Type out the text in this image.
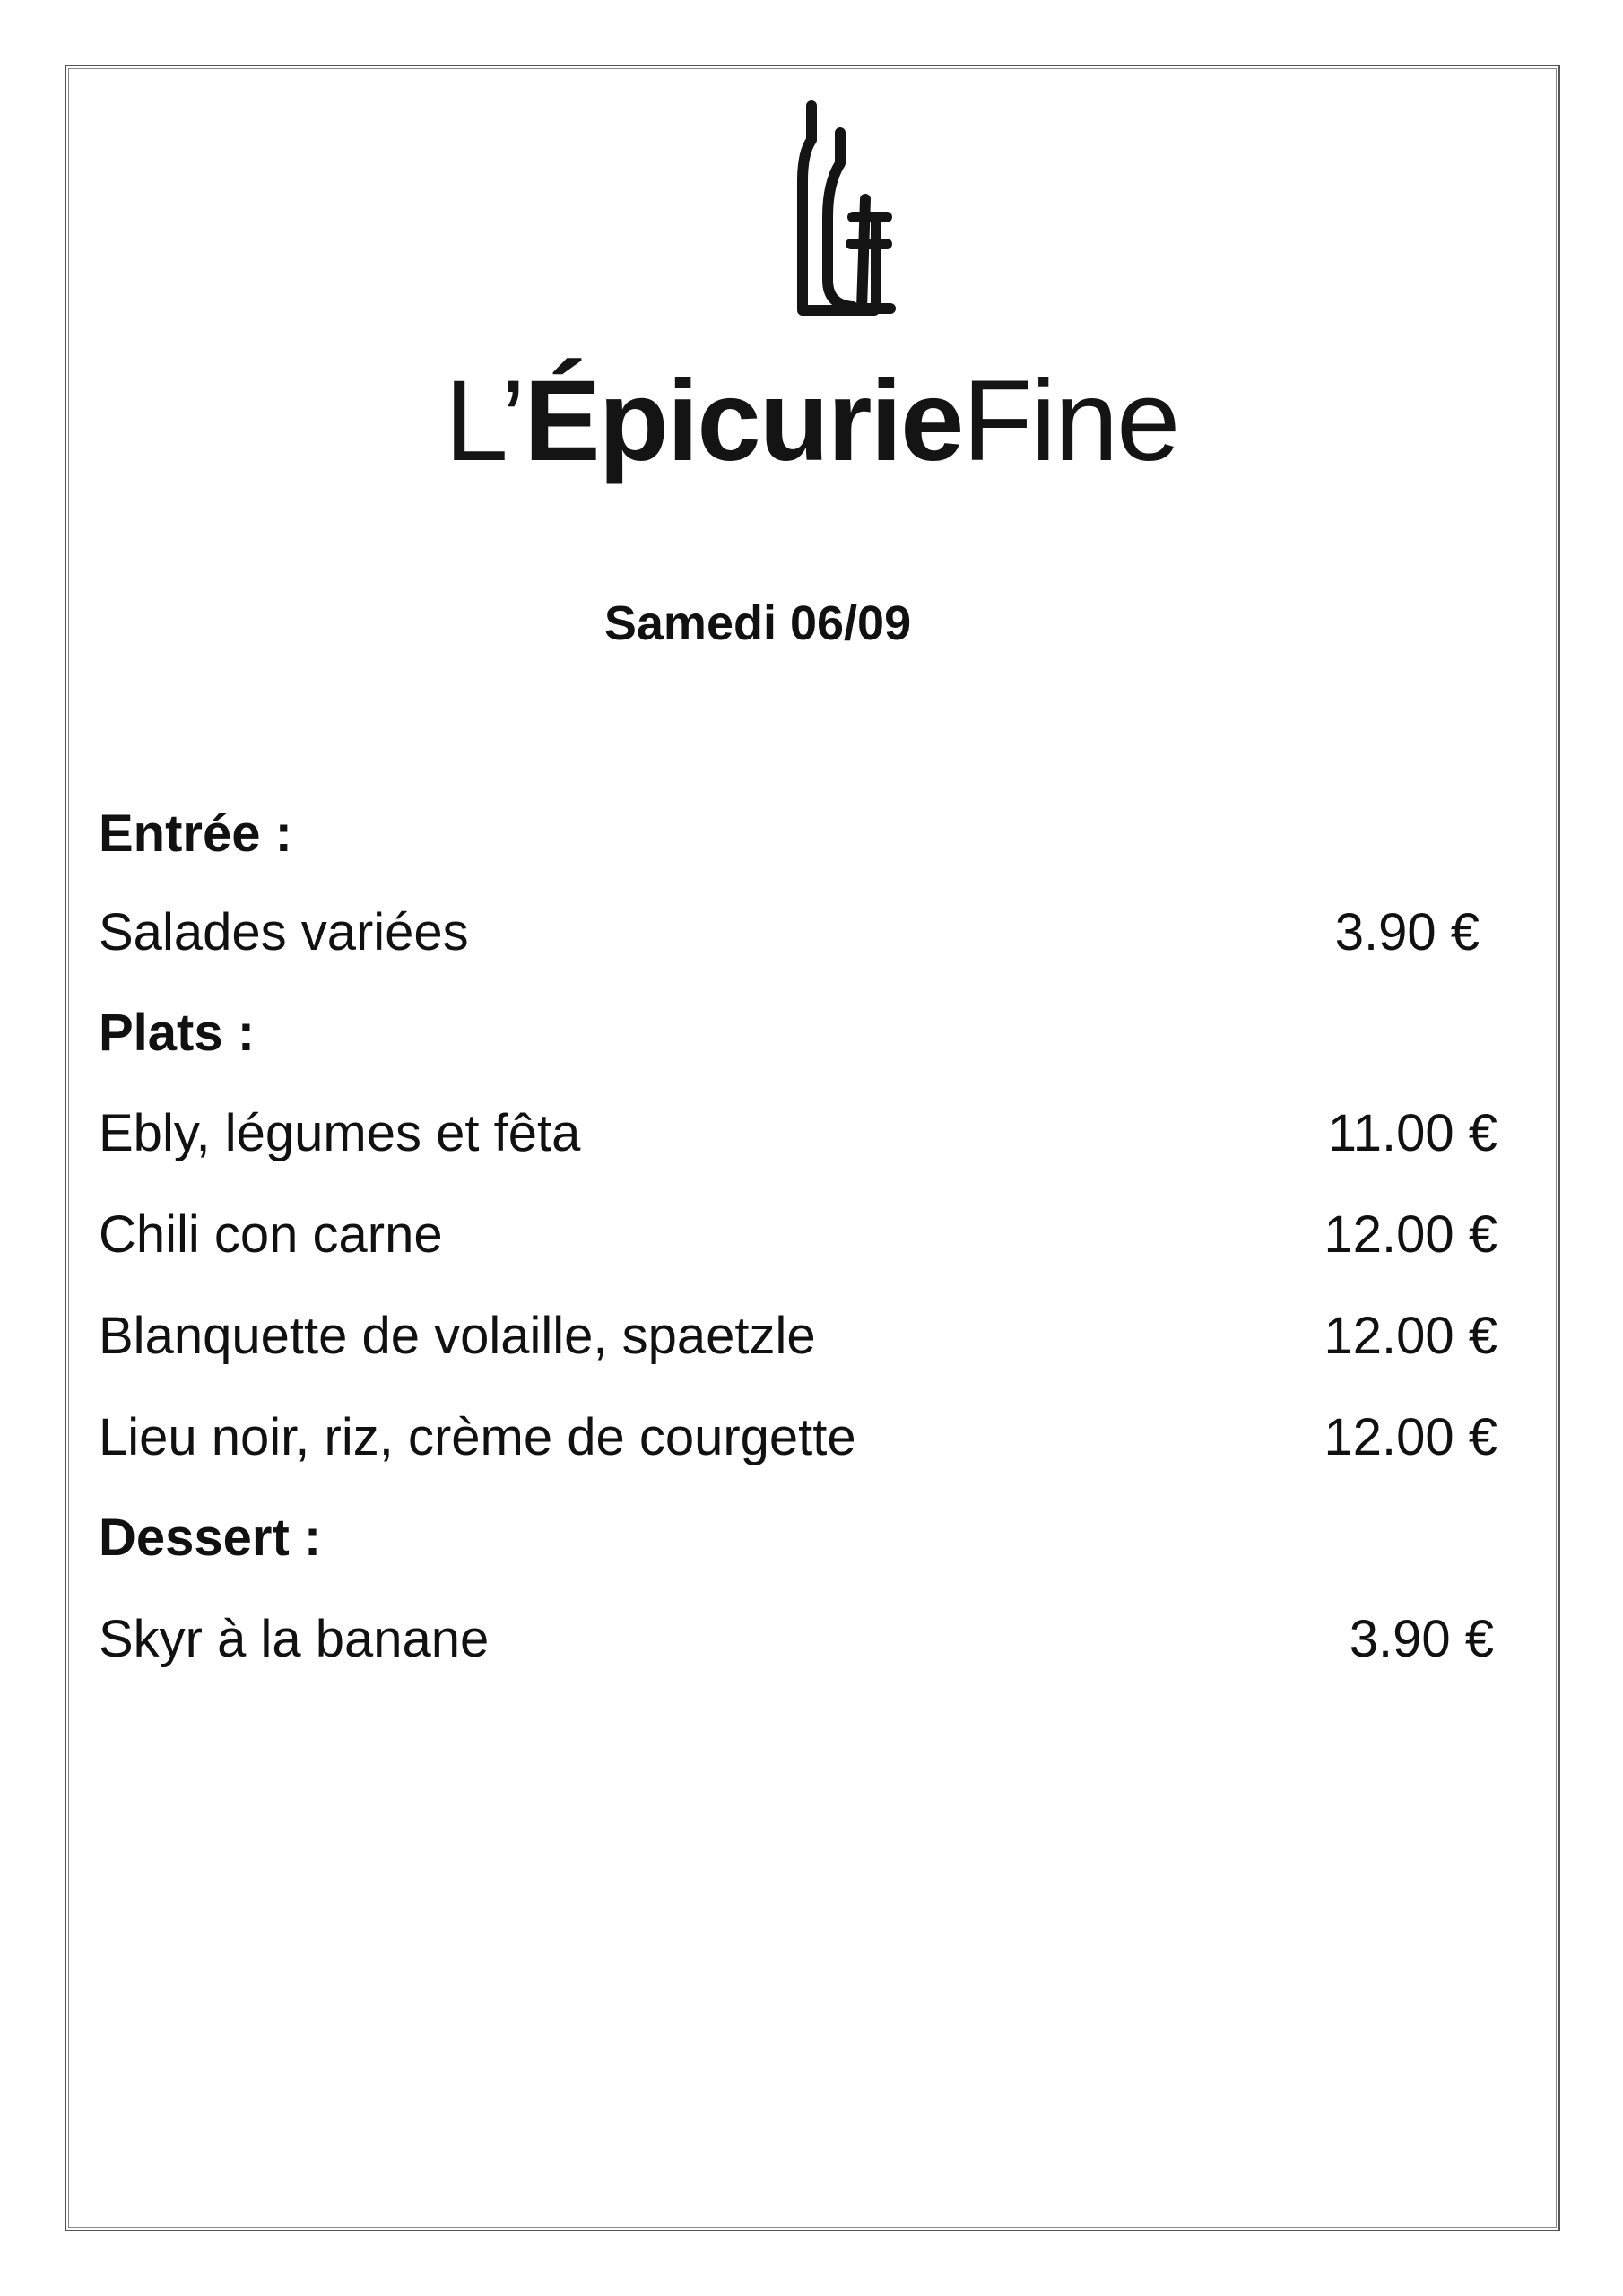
L’ÉpicurieFine
Samedi 06/09
Entrée :
Salades variées	3.90 €
Plats :
Ebly, légumes et fêta	11.00 €
Chili con carne	12.00 €
Blanquette de volaille, spaetzle	12.00 €
Lieu noir, riz, crème de courgette	12.00 €
Dessert :
Skyr à la banane	3.90 €
